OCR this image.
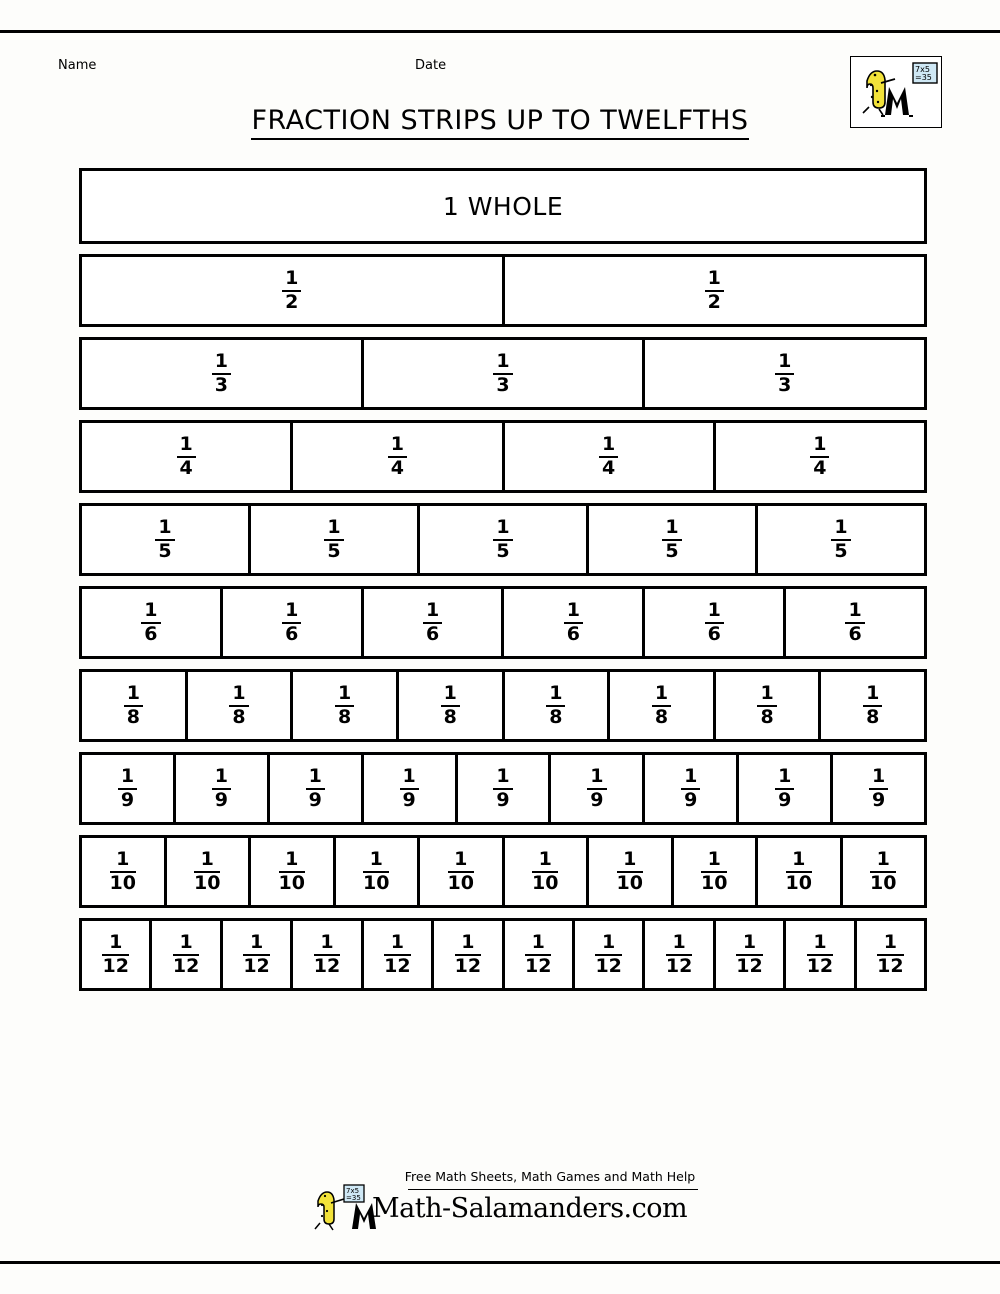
Name	Date	7x5
=35
FRACTION STRIPS UP TO TWELFTHS
1 WHOLE
$\frac{1}{2}$	$\frac{1}{2}$
$\frac{1}{3}$	$\frac{1}{3}$	$\frac{1}{3}$
$\frac{1}{4}$	$\frac{1}{4}$	$\frac{1}{4}$	$\frac{1}{4}$
$\frac{1}{5}$	$\frac{1}{5}$	$\frac{1}{5}$	$\frac{1}{5}$	$\frac{1}{5}$
$\frac{1}{6}$	$\frac{1}{6}$	$\frac{1}{6}$	$\frac{1}{6}$	$\frac{1}{6}$	$\frac{1}{6}$
$\frac{1}{8}$	$\frac{1}{8}$	$\frac{1}{8}$	$\frac{1}{8}$	$\frac{1}{8}$	$\frac{1}{8}$	$\frac{1}{8}$	$\frac{1}{8}$
$\frac{1}{9}$	$\frac{1}{9}$	$\frac{1}{9}$	$\frac{1}{9}$	$\frac{1}{9}$	$\frac{1}{9}$	$\frac{1}{9}$	$\frac{1}{9}$	$\frac{1}{9}$
$\frac{1}{10}$	$\frac{1}{10}$	$\frac{1}{10}$	$\frac{1}{10}$	$\frac{1}{10}$	$\frac{1}{10}$	$\frac{1}{10}$	$\frac{1}{10}$	$\frac{1}{10}$	$\frac{1}{10}$
$\frac{1}{12} \frac{1}{12} \frac{1}{12} \frac{1}{12} \frac{1}{12} \frac{1}{12} \frac{1}{12} \frac{1}{12} \frac{1}{12} \frac{1}{12} \frac{1}{12} \frac{1}{12}$
7x5
=35
Free Math Sheets, Math Games and Math Help
Math-Salamanders.com
